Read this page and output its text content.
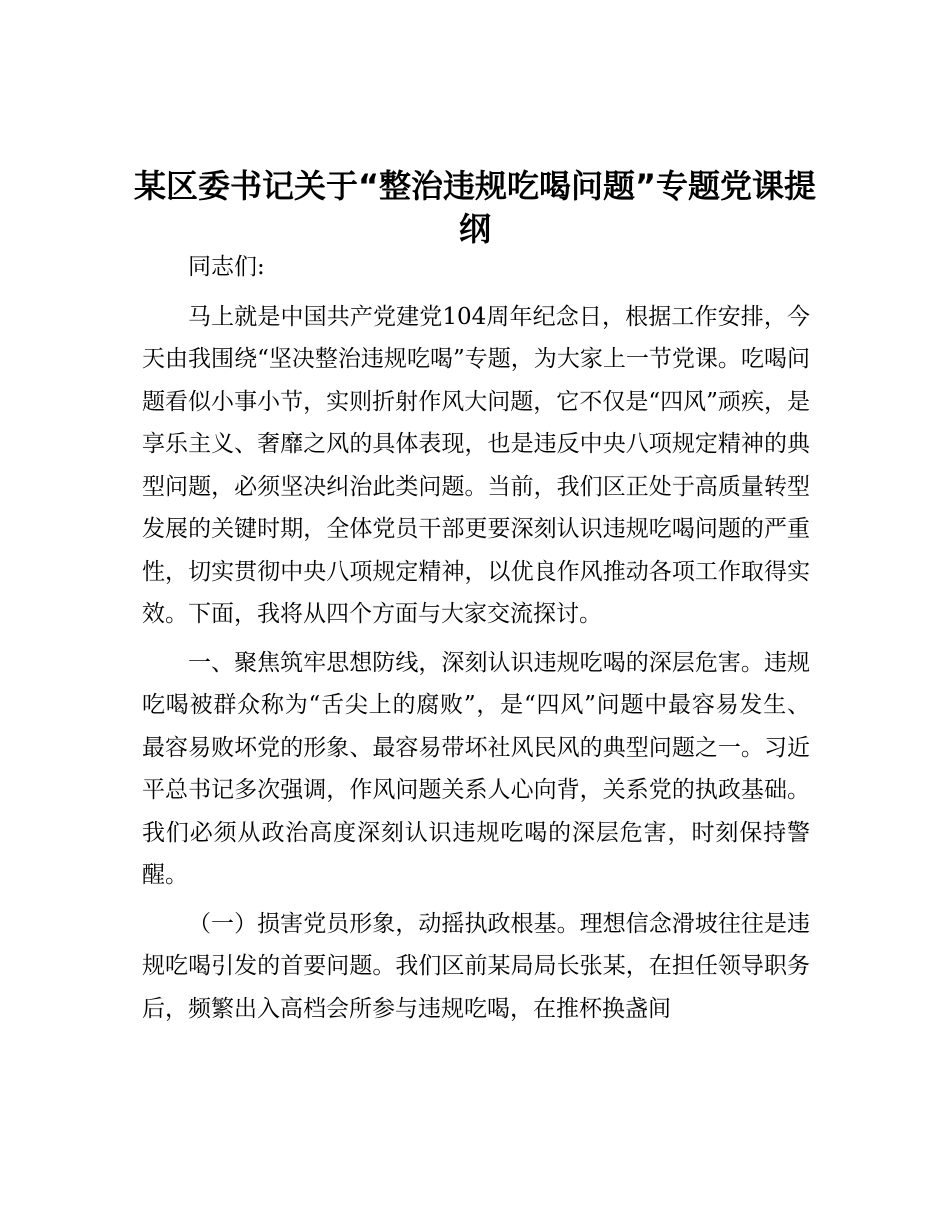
某区委书记关于“整治违规吃喝问题”专题党课提纲

同志们:

马上就是中国共产党建党104周年纪念日，根据工作安排，今天由我围绕“坚决整治违规吃喝”专题，为大家上一节党课。吃喝问题看似小事小节，实则折射作风大问题，它不仅是“四风”顽疾，是享乐主义、奢靡之风的具体表现，也是违反中央八项规定精神的典型问题，必须坚决纠治此类问题。当前，我们区正处于高质量转型发展的关键时期，全体党员干部更要深刻认识违规吃喝问题的严重性，切实贯彻中央八项规定精神，以优良作风推动各项工作取得实效。下面，我将从四个方面与大家交流探讨。

一、聚焦筑牢思想防线，深刻认识违规吃喝的深层危害。违规吃喝被群众称为“舌尖上的腐败”，是“四风”问题中最容易发生、最容易败坏党的形象、最容易带坏社风民风的典型问题之一。习近平总书记多次强调，作风问题关系人心向背，关系党的执政基础。我们必须从政治高度深刻认识违规吃喝的深层危害，时刻保持警醒。

（一）损害党员形象，动摇执政根基。理想信念滑坡往往是违规吃喝引发的首要问题。我们区前某局局长张某，在担任领导职务后，频繁出入高档会所参与违规吃喝，在推杯换盏间
